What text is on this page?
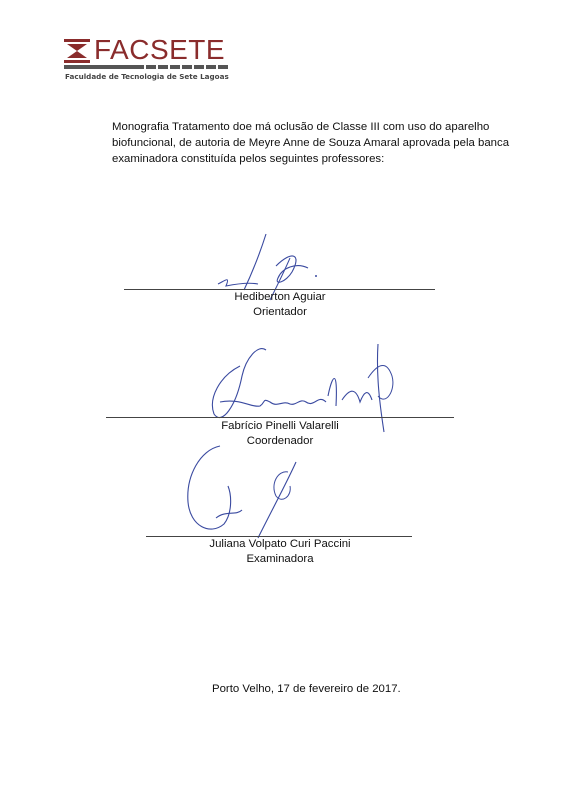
FACSETE
Faculdade de Tecnologia de Sete Lagoas
Monografia Tratamento doe má oclusão de Classe III com uso do aparelho biofuncional, de autoria de Meyre Anne de Souza Amaral aprovada pela banca examinadora constituída pelos seguintes professores:
Hediberton Aguiar
Orientador
Fabrício Pinelli Valarelli
Coordenador
Juliana Volpato Curi Paccini
Examinadora
Porto Velho, 17 de fevereiro de 2017.
